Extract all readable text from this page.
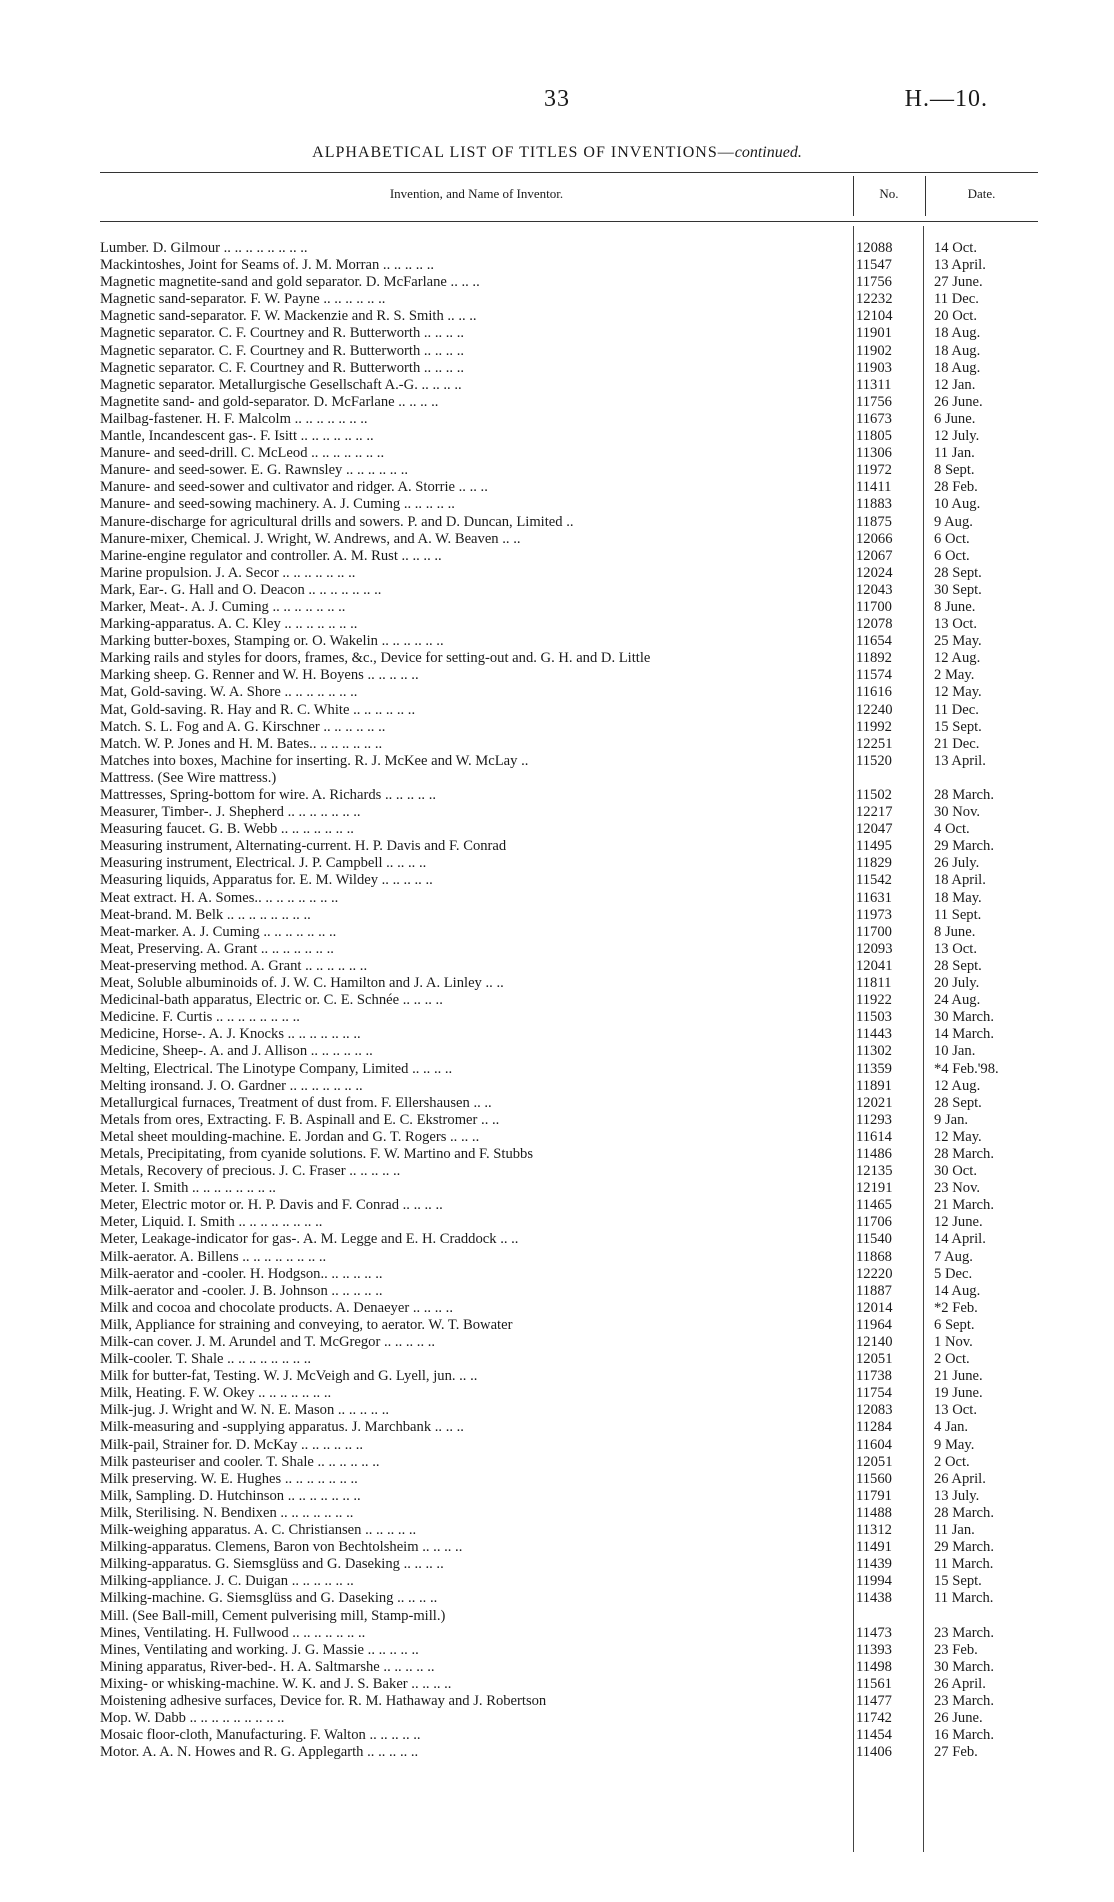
33	H.—10.
ALPHABETICAL LIST OF TITLES OF INVENTIONS—continued.
Invention, and Name of Inventor.	No.	Date.
Lumber. D. Gilmour .. .. .. .. .. .. .. ..	12088	14 Oct.
Mackintoshes, Joint for Seams of. J. M. Morran .. .. .. .. ..	11547	13 April.
Magnetic magnetite-sand and gold separator. D. McFarlane .. .. ..	11756	27 June.
Magnetic sand-separator. F. W. Payne .. .. .. .. .. ..	12232	11 Dec.
Magnetic sand-separator. F. W. Mackenzie and R. S. Smith .. .. ..	12104	20 Oct.
Magnetic separator. C. F. Courtney and R. Butterworth .. .. .. ..	11901	18 Aug.
Magnetic separator. C. F. Courtney and R. Butterworth .. .. .. ..	11902	18 Aug.
Magnetic separator. C. F. Courtney and R. Butterworth .. .. .. ..	11903	18 Aug.
Magnetic separator. Metallurgische Gesellschaft A.-G. .. .. .. ..	11311	12 Jan.
Magnetite sand- and gold-separator. D. McFarlane .. .. .. ..	11756	26 June.
Mailbag-fastener. H. F. Malcolm .. .. .. .. .. .. ..	11673	6 June.
Mantle, Incandescent gas-. F. Isitt .. .. .. .. .. .. ..	11805	12 July.
Manure- and seed-drill. C. McLeod .. .. .. .. .. .. ..	11306	11 Jan.
Manure- and seed-sower. E. G. Rawnsley .. .. .. .. .. ..	11972	8 Sept.
Manure- and seed-sower and cultivator and ridger. A. Storrie .. .. ..	11411	28 Feb.
Manure- and seed-sowing machinery. A. J. Cuming .. .. .. .. ..	11883	10 Aug.
Manure-discharge for agricultural drills and sowers. P. and D. Duncan, Limited ..	11875	9 Aug.
Manure-mixer, Chemical. J. Wright, W. Andrews, and A. W. Beaven .. ..	12066	6 Oct.
Marine-engine regulator and controller. A. M. Rust .. .. .. ..	12067	6 Oct.
Marine propulsion. J. A. Secor .. .. .. .. .. .. ..	12024	28 Sept.
Mark, Ear-. G. Hall and O. Deacon .. .. .. .. .. .. ..	12043	30 Sept.
Marker, Meat-. A. J. Cuming .. .. .. .. .. .. ..	11700	8 June.
Marking-apparatus. A. C. Kley .. .. .. .. .. .. ..	12078	13 Oct.
Marking butter-boxes, Stamping or. O. Wakelin .. .. .. .. .. ..	11654	25 May.
Marking rails and styles for doors, frames, &c., Device for setting-out and. G. H. and D. Little	11892	12 Aug.
Marking sheep. G. Renner and W. H. Boyens .. .. .. .. ..	11574	2 May.
Mat, Gold-saving. W. A. Shore .. .. .. .. .. .. ..	11616	12 May.
Mat, Gold-saving. R. Hay and R. C. White .. .. .. .. .. ..	12240	11 Dec.
Match. S. L. Fog and A. G. Kirschner .. .. .. .. .. ..	11992	15 Sept.
Match. W. P. Jones and H. M. Bates.. .. .. .. .. .. ..	12251	21 Dec.
Matches into boxes, Machine for inserting. R. J. McKee and W. McLay ..	11520	13 April.
Mattress. (See Wire mattress.)
Mattresses, Spring-bottom for wire. A. Richards .. .. .. .. ..	11502	28 March.
Measurer, Timber-. J. Shepherd .. .. .. .. .. .. ..	12217	30 Nov.
Measuring faucet. G. B. Webb .. .. .. .. .. .. ..	12047	4 Oct.
Measuring instrument, Alternating-current. H. P. Davis and F. Conrad	11495	29 March.
Measuring instrument, Electrical. J. P. Campbell .. .. .. ..	11829	26 July.
Measuring liquids, Apparatus for. E. M. Wildey .. .. .. .. ..	11542	18 April.
Meat extract. H. A. Somes.. .. .. .. .. .. .. ..	11631	18 May.
Meat-brand. M. Belk .. .. .. .. .. .. .. ..	11973	11 Sept.
Meat-marker. A. J. Cuming .. .. .. .. .. .. ..	11700	8 June.
Meat, Preserving. A. Grant .. .. .. .. .. .. ..	12093	13 Oct.
Meat-preserving method. A. Grant .. .. .. .. .. ..	12041	28 Sept.
Meat, Soluble albuminoids of. J. W. C. Hamilton and J. A. Linley .. ..	11811	20 July.
Medicinal-bath apparatus, Electric or. C. E. Schnée .. .. .. ..	11922	24 Aug.
Medicine. F. Curtis .. .. .. .. .. .. .. ..	11503	30 March.
Medicine, Horse-. A. J. Knocks .. .. .. .. .. .. ..	11443	14 March.
Medicine, Sheep-. A. and J. Allison .. .. .. .. .. ..	11302	10 Jan.
Melting, Electrical. The Linotype Company, Limited .. .. .. ..	11359	*4 Feb.'98.
Melting ironsand. J. O. Gardner .. .. .. .. .. .. ..	11891	12 Aug.
Metallurgical furnaces, Treatment of dust from. F. Ellershausen .. ..	12021	28 Sept.
Metals from ores, Extracting. F. B. Aspinall and E. C. Ekstromer .. ..	11293	9 Jan.
Metal sheet moulding-machine. E. Jordan and G. T. Rogers .. .. ..	11614	12 May.
Metals, Precipitating, from cyanide solutions. F. W. Martino and F. Stubbs	11486	28 March.
Metals, Recovery of precious. J. C. Fraser .. .. .. .. ..	12135	30 Oct.
Meter. I. Smith .. .. .. .. .. .. .. ..	12191	23 Nov.
Meter, Electric motor or. H. P. Davis and F. Conrad .. .. .. ..	11465	21 March.
Meter, Liquid. I. Smith .. .. .. .. .. .. .. ..	11706	12 June.
Meter, Leakage-indicator for gas-. A. M. Legge and E. H. Craddock .. ..	11540	14 April.
Milk-aerator. A. Billens .. .. .. .. .. .. .. ..	11868	7 Aug.
Milk-aerator and -cooler. H. Hodgson.. .. .. .. .. ..	12220	5 Dec.
Milk-aerator and -cooler. J. B. Johnson .. .. .. .. ..	11887	14 Aug.
Milk and cocoa and chocolate products. A. Denaeyer .. .. .. ..	12014	*2 Feb.
Milk, Appliance for straining and conveying, to aerator. W. T. Bowater	11964	6 Sept.
Milk-can cover. J. M. Arundel and T. McGregor .. .. .. .. ..	12140	1 Nov.
Milk-cooler. T. Shale .. .. .. .. .. .. .. ..	12051	2 Oct.
Milk for butter-fat, Testing. W. J. McVeigh and G. Lyell, jun. .. ..	11738	21 June.
Milk, Heating. F. W. Okey .. .. .. .. .. .. ..	11754	19 June.
Milk-jug. J. Wright and W. N. E. Mason .. .. .. .. ..	12083	13 Oct.
Milk-measuring and -supplying apparatus. J. Marchbank .. .. ..	11284	4 Jan.
Milk-pail, Strainer for. D. McKay .. .. .. .. .. ..	11604	9 May.
Milk pasteuriser and cooler. T. Shale .. .. .. .. .. ..	12051	2 Oct.
Milk preserving. W. E. Hughes .. .. .. .. .. .. ..	11560	26 April.
Milk, Sampling. D. Hutchinson .. .. .. .. .. .. ..	11791	13 July.
Milk, Sterilising. N. Bendixen .. .. .. .. .. .. ..	11488	28 March.
Milk-weighing apparatus. A. C. Christiansen .. .. .. .. ..	11312	11 Jan.
Milking-apparatus. Clemens, Baron von Bechtolsheim .. .. .. ..	11491	29 March.
Milking-apparatus. G. Siemsglüss and G. Daseking .. .. .. ..	11439	11 March.
Milking-appliance. J. C. Duigan .. .. .. .. .. ..	11994	15 Sept.
Milking-machine. G. Siemsglüss and G. Daseking .. .. .. ..	11438	11 March.
Mill. (See Ball-mill, Cement pulverising mill, Stamp-mill.)
Mines, Ventilating. H. Fullwood .. .. .. .. .. .. ..	11473	23 March.
Mines, Ventilating and working. J. G. Massie .. .. .. .. ..	11393	23 Feb.
Mining apparatus, River-bed-. H. A. Saltmarshe .. .. .. .. ..	11498	30 March.
Mixing- or whisking-machine. W. K. and J. S. Baker .. .. .. ..	11561	26 April.
Moistening adhesive surfaces, Device for. R. M. Hathaway and J. Robertson	11477	23 March.
Mop. W. Dabb .. .. .. .. .. .. .. .. ..	11742	26 June.
Mosaic floor-cloth, Manufacturing. F. Walton .. .. .. .. ..	11454	16 March.
Motor. A. A. N. Howes and R. G. Applegarth .. .. .. .. ..	11406	27 Feb.
